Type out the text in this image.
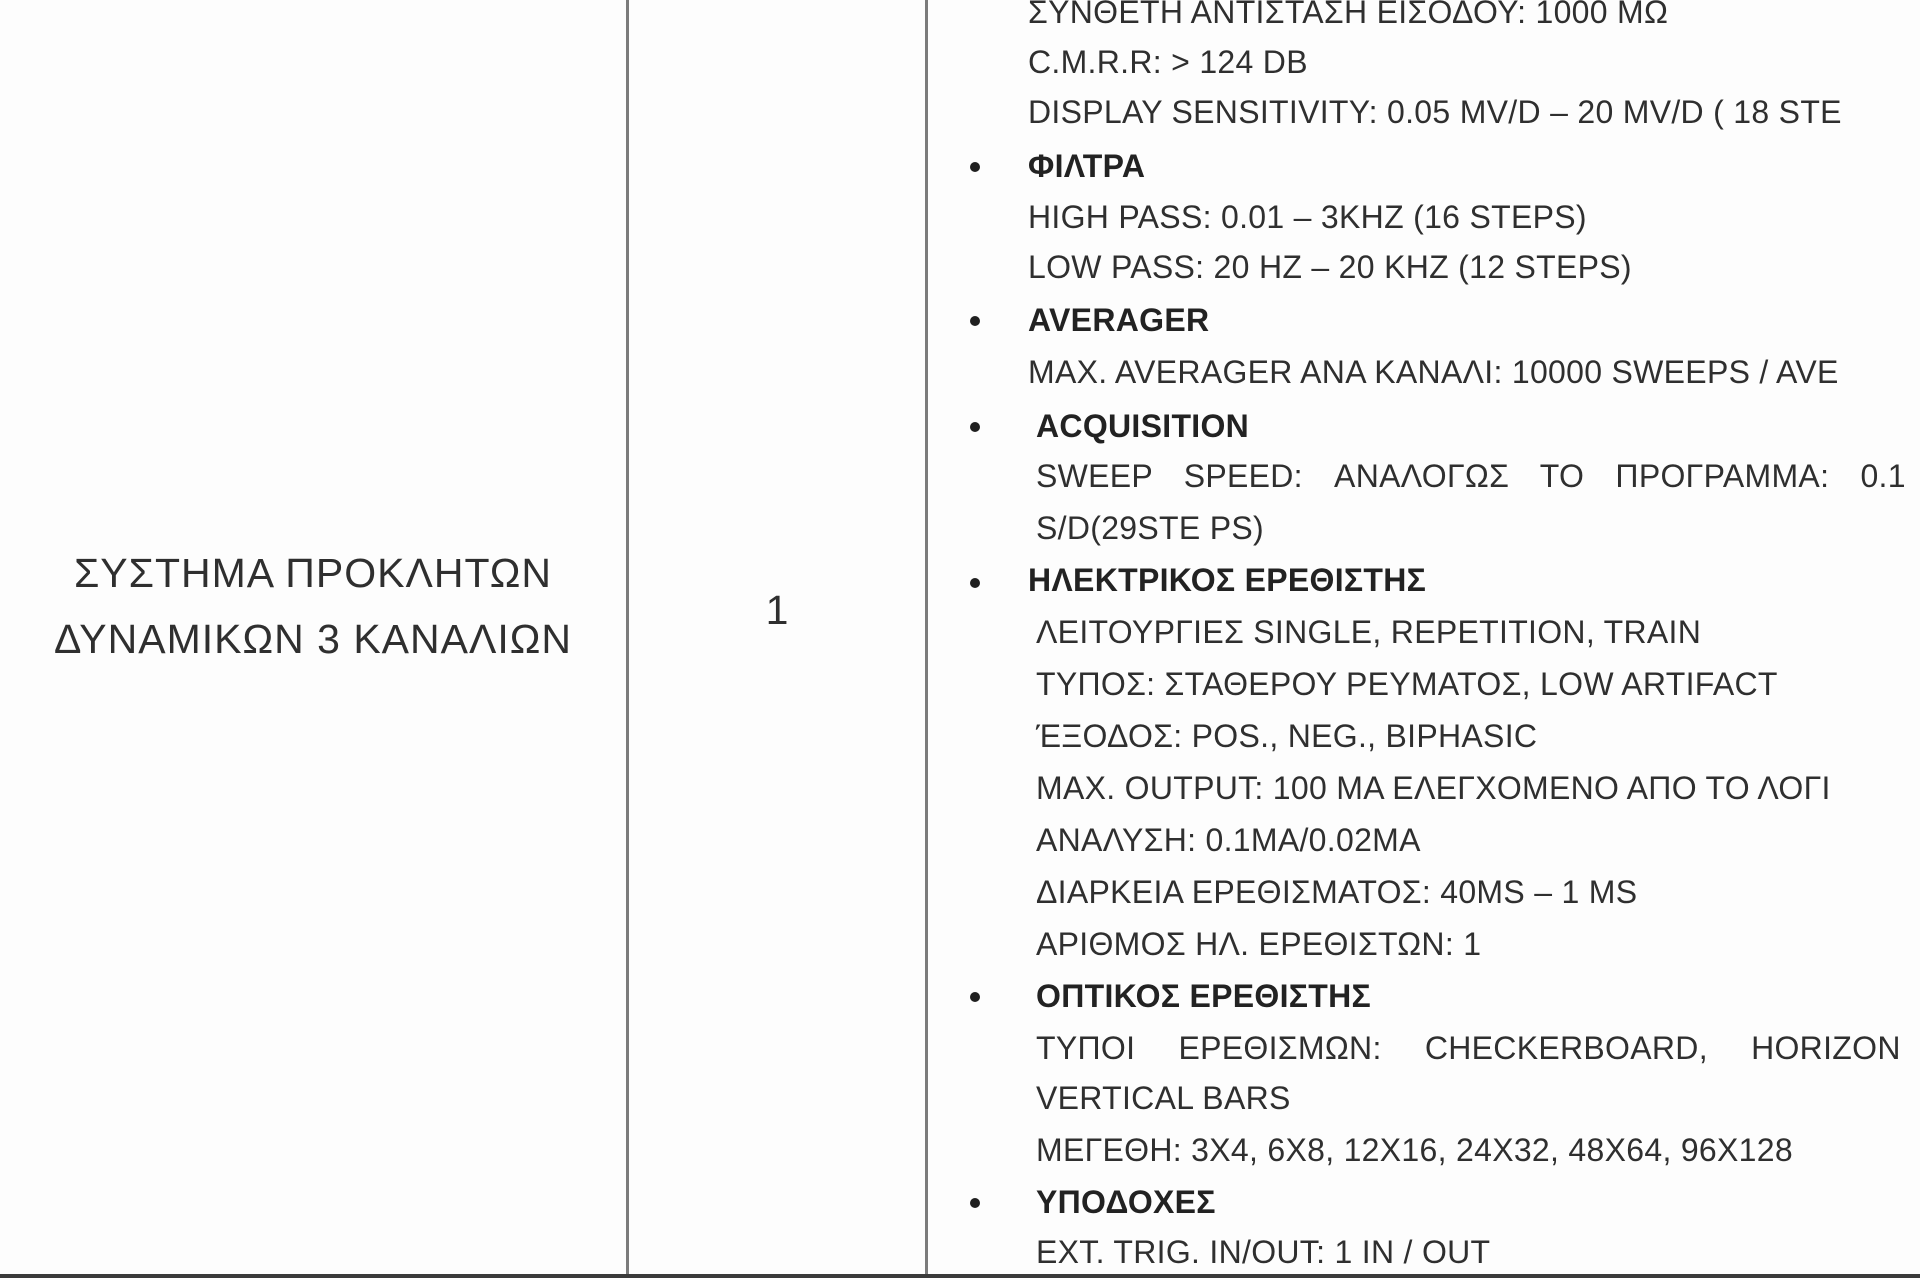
ΣΥΣΤΗΜΑ ΠΡΟΚΛΗΤΩΝ
ΔΥΝΑΜΙΚΩΝ 3 ΚΑΝΑΛΙΩΝ
1
ΣΥΝΘΕΤΗ ΑΝΤΙΣΤΑΣΗ ΕΙΣΟΔΟΥ: 1000 ΜΩ
C.M.R.R: > 124 DB
DISPLAY SENSITIVITY: 0.05 MV/D – 20 MV/D ( 18 STE
ΦΙΛΤΡΑ
HIGH PASS: 0.01 – 3KHZ (16 STEPS)
LOW PASS: 20 HZ – 20 KHZ (12 STEPS)
AVERAGER
MAX. AVERAGER ANA KANAΛI: 10000 SWEEPS / AVE
ACQUISITION
SWEEP SPEED: ΑΝΑΛΟΓΩΣ ΤΟ ΠΡΟΓΡΑΜΜΑ: 0.1
S/D(29STE PS)
ΗΛΕΚΤΡΙΚΟΣ ΕΡΕΘΙΣΤΗΣ
ΛΕΙΤΟΥΡΓΙΕΣ SINGLE, REPETITION, TRAIN
ΤΥΠΟΣ: ΣΤΑΘΕΡΟΥ ΡΕΥΜΑΤΟΣ, LOW ARTIFACT
ΈΞΟΔΟΣ: POS., NEG., BIPHASIC
MAX. OUTPUT: 100 MA ΕΛΕΓΧΟΜΕΝΟ ΑΠΟ ΤΟ ΛΟΓΙ
ΑΝΑΛΥΣΗ: 0.1MA/0.02MA
ΔΙΑΡΚΕΙΑ ΕΡΕΘΙΣΜΑΤΟΣ: 40MS – 1 MS
ΑΡΙΘΜΟΣ ΗΛ. ΕΡΕΘΙΣΤΩΝ: 1
ΟΠΤΙΚΟΣ ΕΡΕΘΙΣΤΗΣ
ΤΥΠΟΙ ΕΡΕΘΙΣΜΩΝ: CHECKERBOARD, HORIZON
VERTICAL BARS
ΜΕΓΕΘΗ: 3X4, 6X8, 12X16, 24X32, 48X64, 96X128
ΥΠΟΔΟΧΕΣ
EXT. TRIG. IN/OUT: 1 IN / OUT
